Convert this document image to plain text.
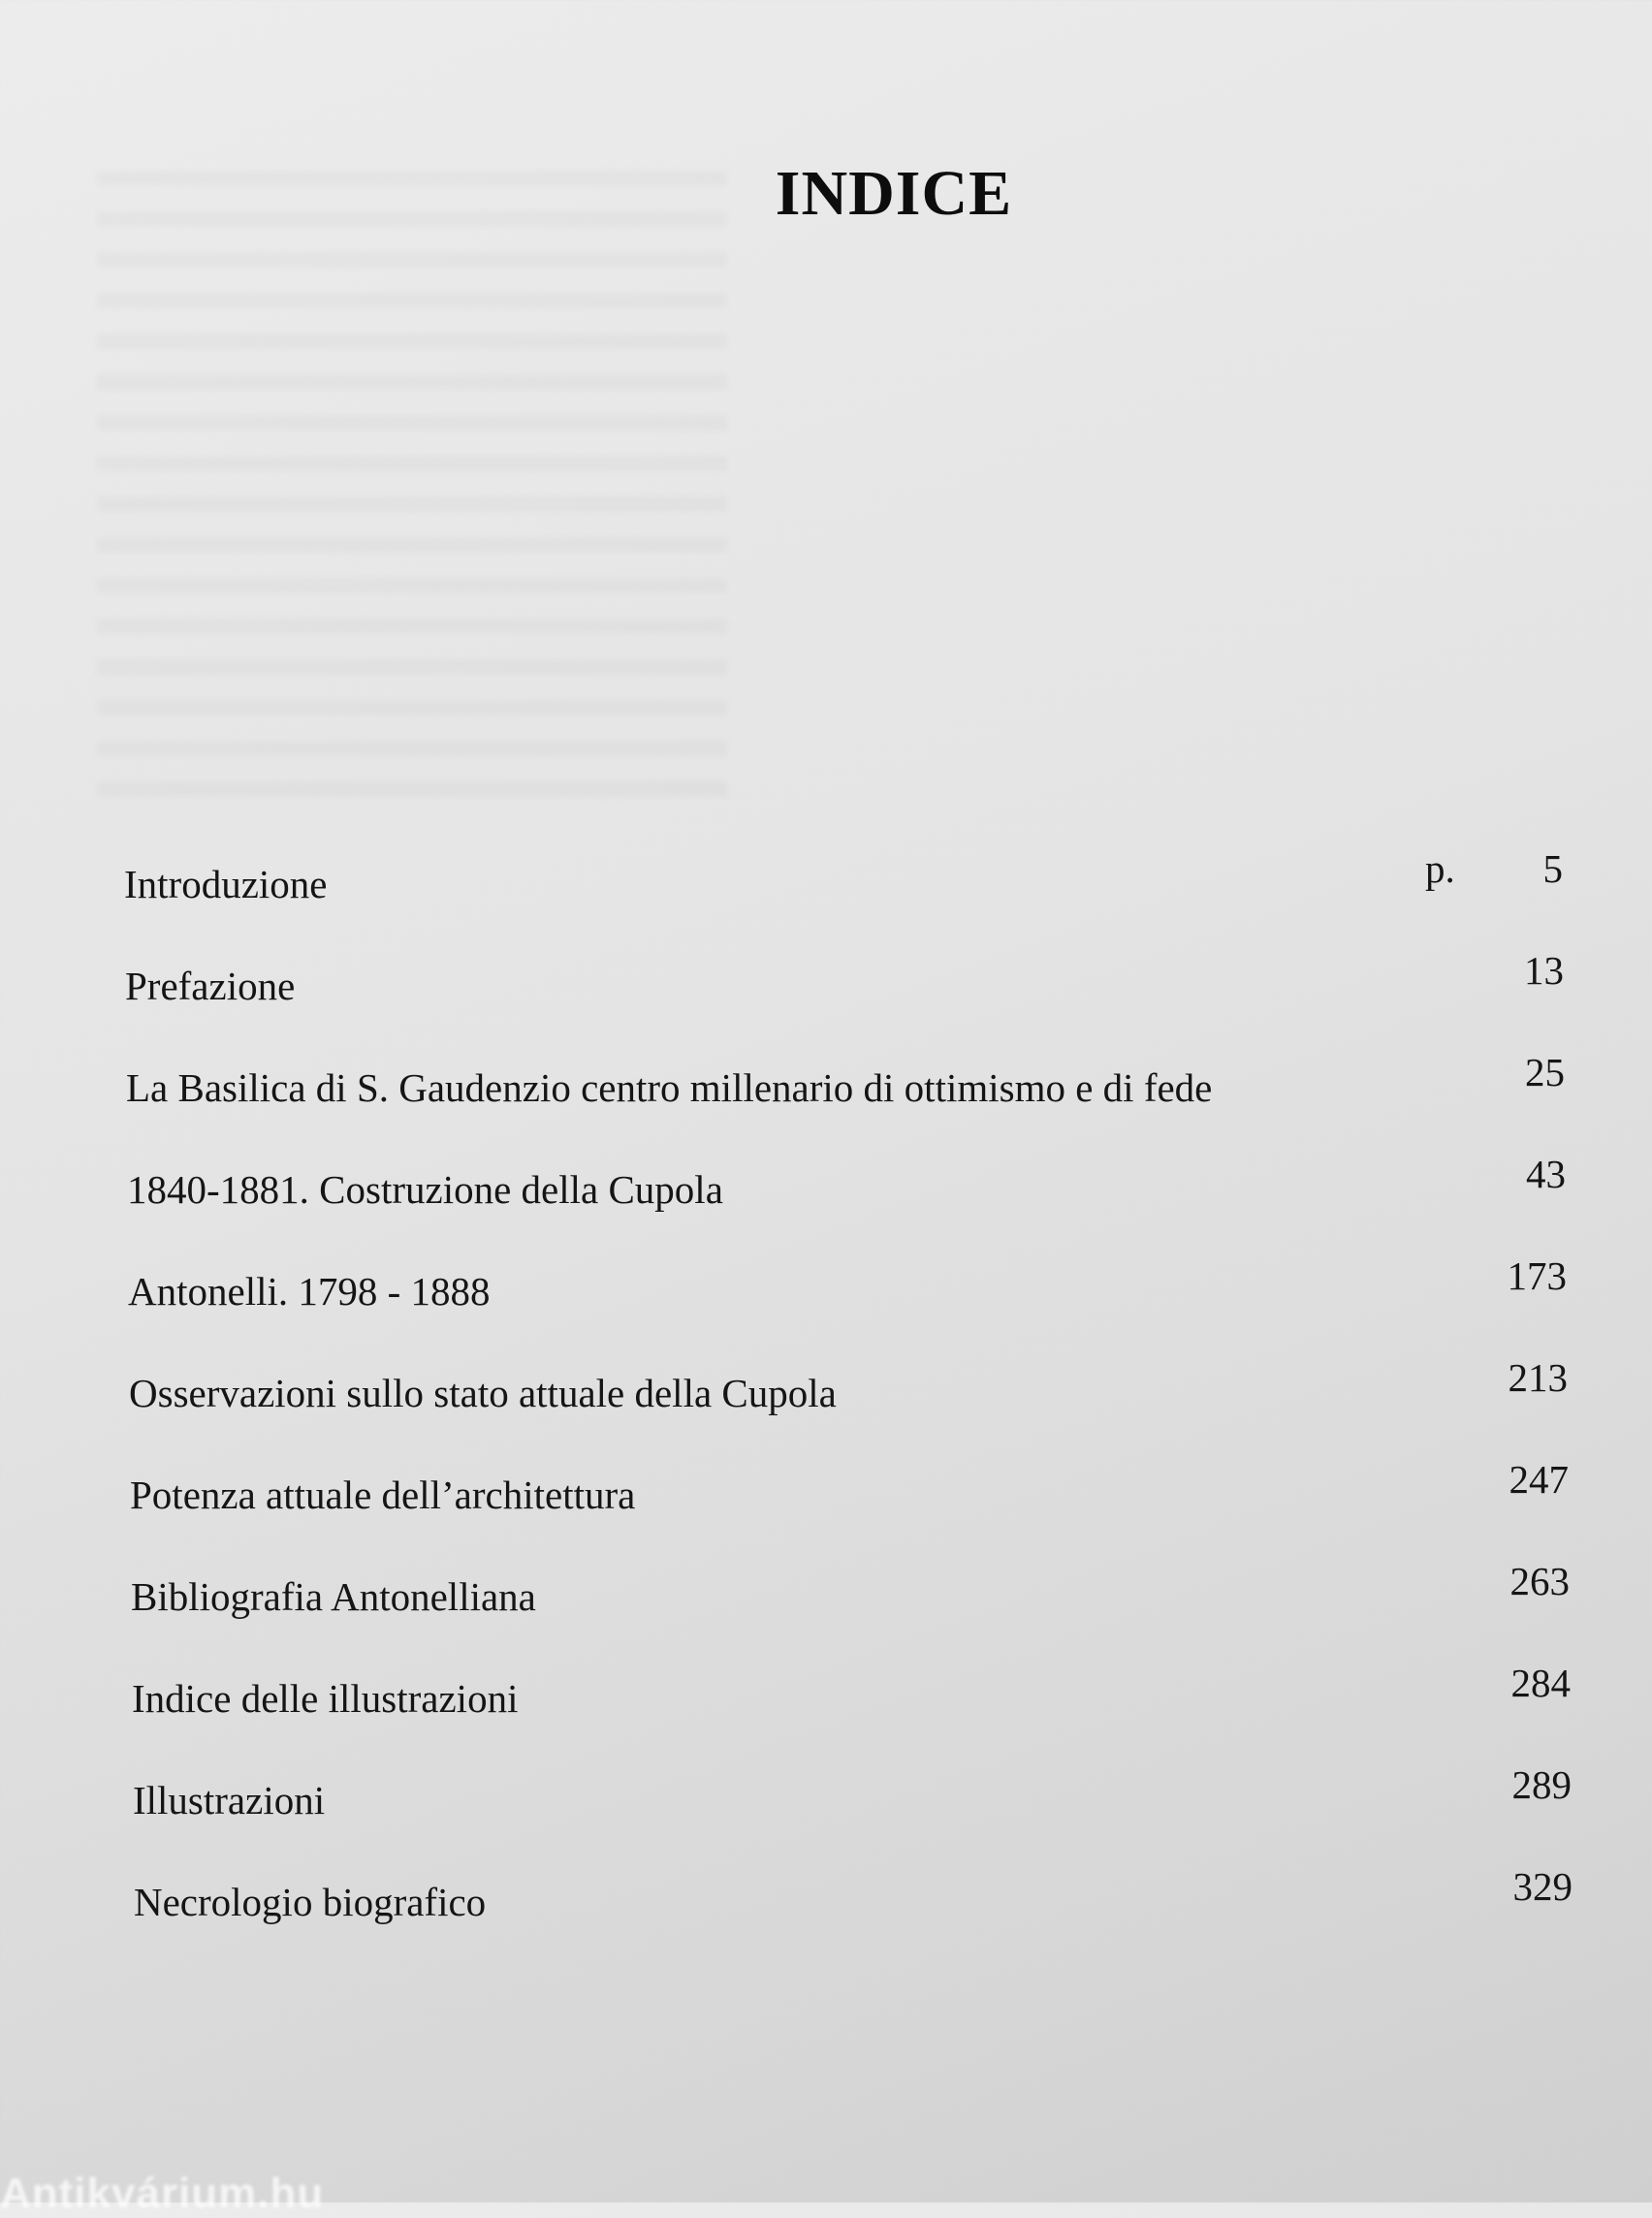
INDICE
Introduzione	p.	5
Prefazione	13
La Basilica di S. Gaudenzio centro millenario di ottimismo e di fede	25
1840-1881. Costruzione della Cupola	43
Antonelli. 1798 - 1888	173
Osservazioni sullo stato attuale della Cupola	213
Potenza attuale dell’architettura	247
Bibliografia Antonelliana	263
Indice delle illustrazioni	284
Illustrazioni	289
Necrologio biografico	329
Antikvárium.hu
